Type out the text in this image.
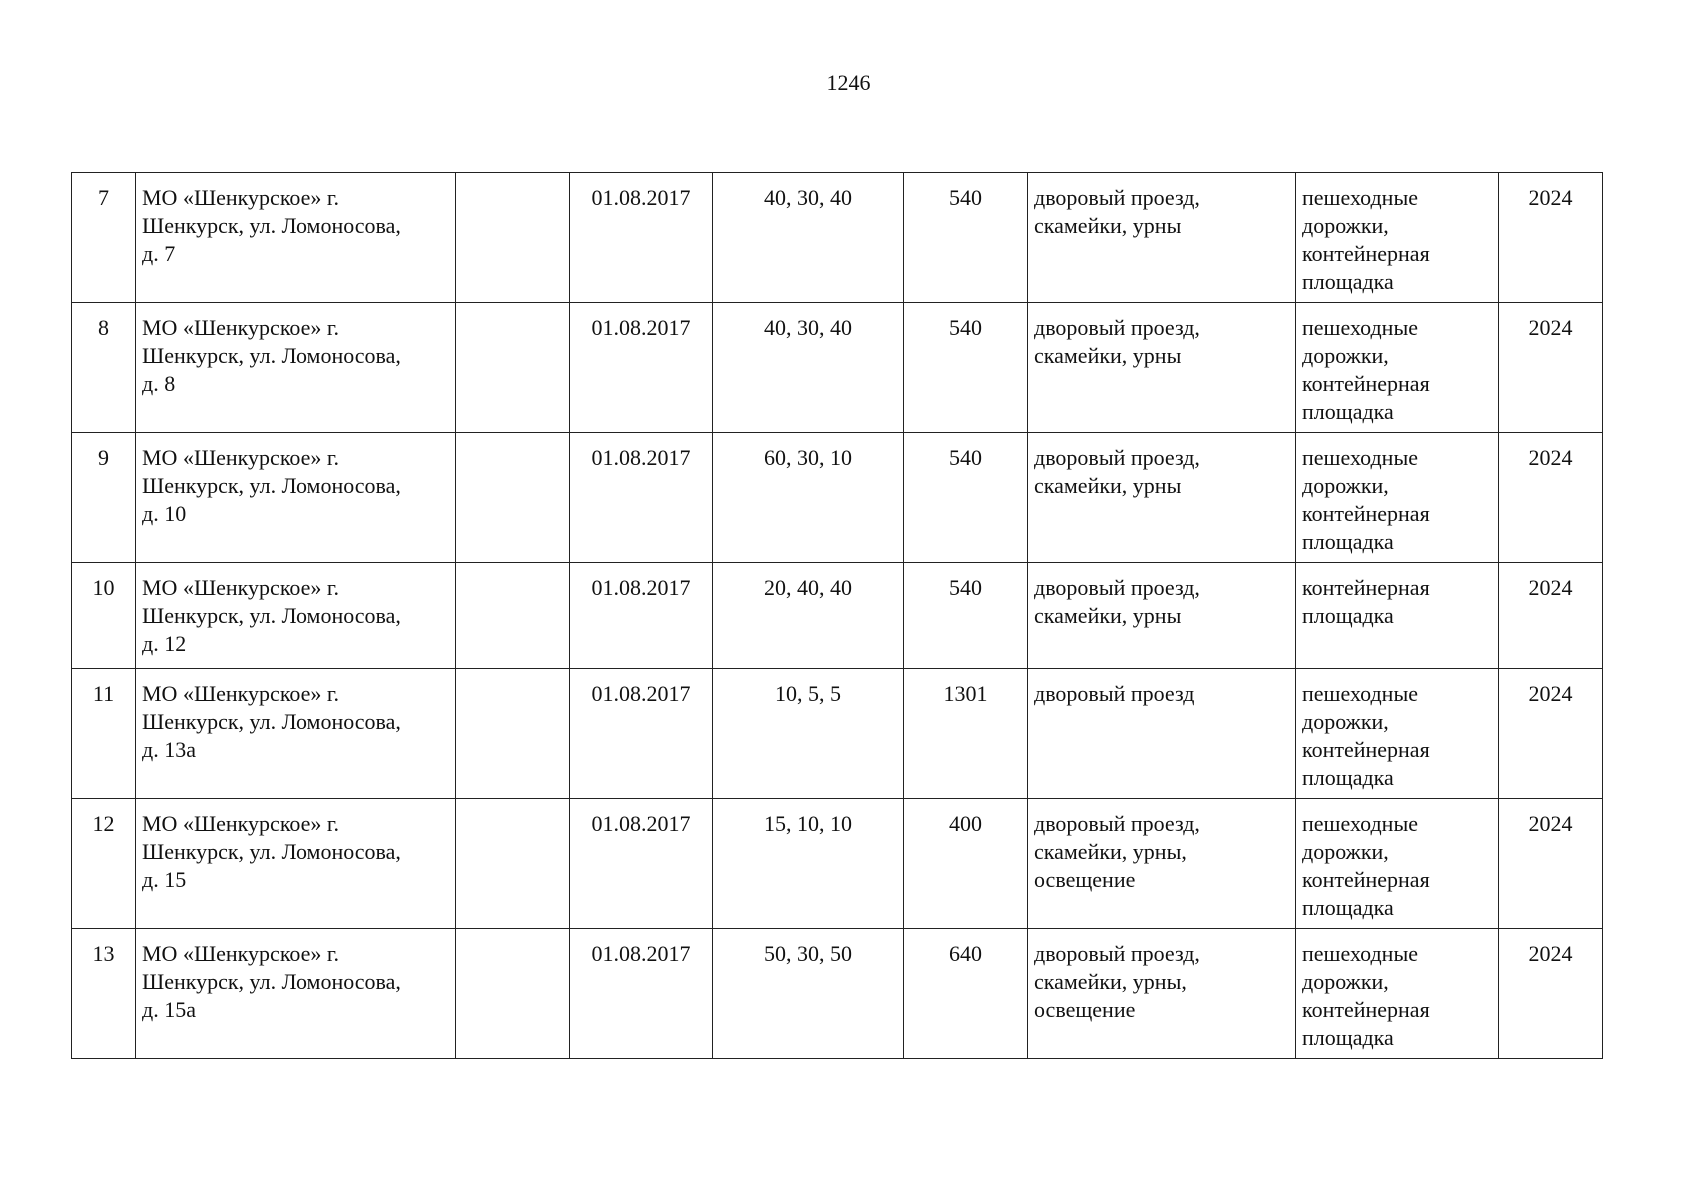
1246
7	МО «Шенкурское» г.
Шенкурск, ул. Ломоносова,
д. 7		01.08.2017	40, 30, 40	540	дворовый проезд,
скамейки, урны	пешеходные
дорожки,
контейнерная
площадка	2024
8	МО «Шенкурское» г.
Шенкурск, ул. Ломоносова,
д. 8		01.08.2017	40, 30, 40	540	дворовый проезд,
скамейки, урны	пешеходные
дорожки,
контейнерная
площадка	2024
9	МО «Шенкурское» г.
Шенкурск, ул. Ломоносова,
д. 10		01.08.2017	60, 30, 10	540	дворовый проезд,
скамейки, урны	пешеходные
дорожки,
контейнерная
площадка	2024
10	МО «Шенкурское» г.
Шенкурск, ул. Ломоносова,
д. 12		01.08.2017	20, 40, 40	540	дворовый проезд,
скамейки, урны	контейнерная
площадка	2024
11	МО «Шенкурское» г.
Шенкурск, ул. Ломоносова,
д. 13а		01.08.2017	10, 5, 5	1301	дворовый проезд	пешеходные
дорожки,
контейнерная
площадка	2024
12	МО «Шенкурское» г.
Шенкурск, ул. Ломоносова,
д. 15		01.08.2017	15, 10, 10	400	дворовый проезд,
скамейки, урны,
освещение	пешеходные
дорожки,
контейнерная
площадка	2024
13	МО «Шенкурское» г.
Шенкурск, ул. Ломоносова,
д. 15а		01.08.2017	50, 30, 50	640	дворовый проезд,
скамейки, урны,
освещение	пешеходные
дорожки,
контейнерная
площадка	2024
